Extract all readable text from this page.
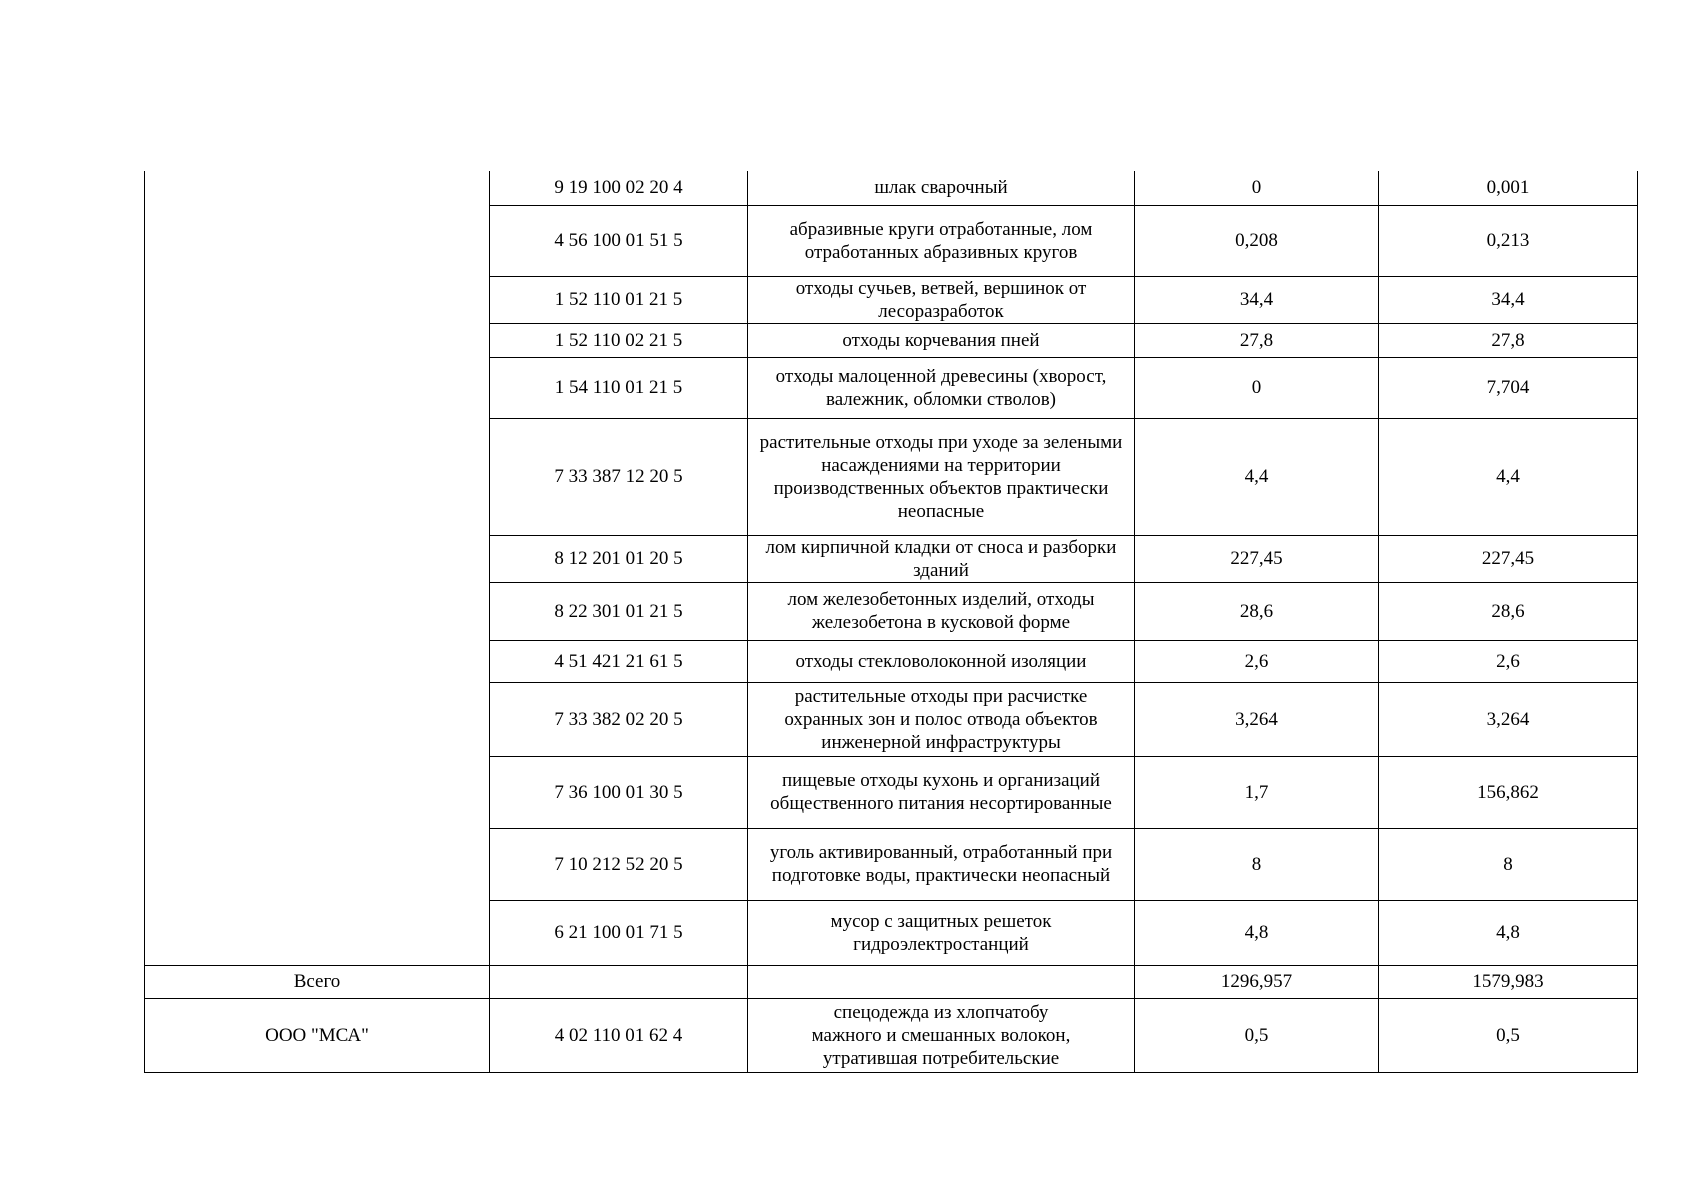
	9 19 100 02 20 4	шлак сварочный	0	0,001
	4 56 100 01 51 5	абразивные круги отработанные, лом отработанных абразивных кругов	0,208	0,213
	1 52 110 01 21 5	отходы сучьев, ветвей, вершинок от лесоразработок	34,4	34,4
	1 52 110 02 21 5	отходы корчевания пней	27,8	27,8
	1 54 110 01 21 5	отходы малоценной древесины (хворост, валежник, обломки стволов)	0	7,704
	7 33 387 12 20 5	растительные отходы при уходе за зелеными насаждениями на территории производственных объектов практически неопасные	4,4	4,4
	8 12 201 01 20 5	лом кирпичной кладки от сноса и разборки зданий	227,45	227,45
	8 22 301 01 21 5	лом железобетонных изделий, отходы железобетона в кусковой форме	28,6	28,6
	4 51 421 21 61 5	отходы стекловолоконной изоляции	2,6	2,6
	7 33 382 02 20 5	растительные отходы при расчистке охранных зон и полос отвода объектов инженерной инфраструктуры	3,264	3,264
	7 36 100 01 30 5	пищевые отходы кухонь и организаций общественного питания несортированные	1,7	156,862
	7 10 212 52 20 5	уголь активированный, отработанный при подготовке воды, практически неопасный	8	8
	6 21 100 01 71 5	мусор с защитных решеток гидроэлектростанций	4,8	4,8
Всего			1296,957	1579,983
ООО "МСА"	4 02 110 01 62 4	спецодежда из хлопчатобу
мажного и смешанных волокон,
утратившая потребительские	0,5	0,5
